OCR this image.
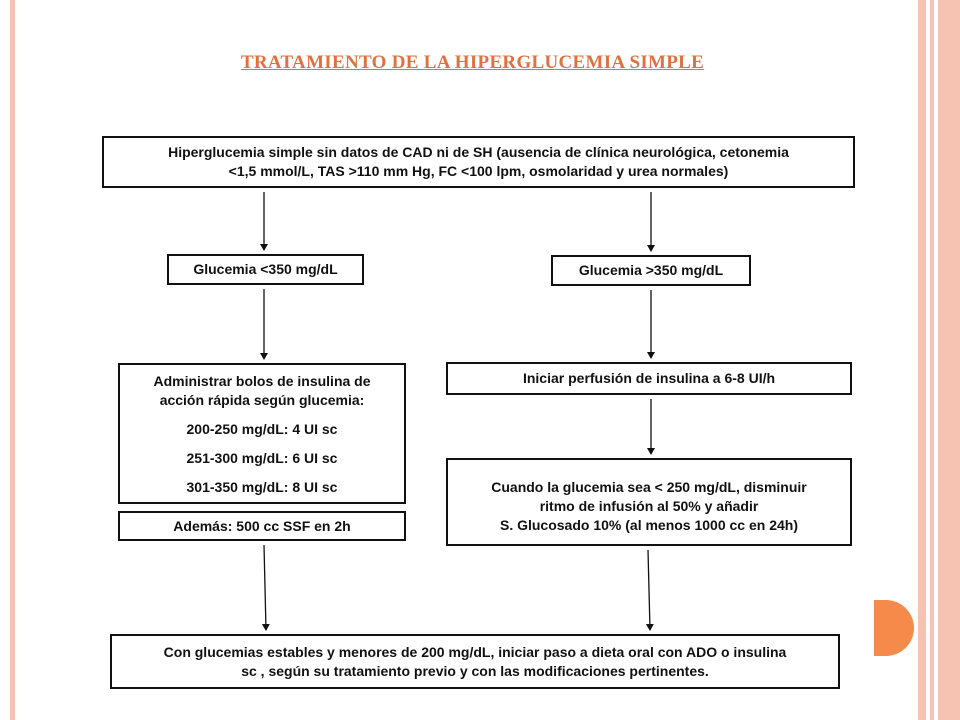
TRATAMIENTO DE LA HIPERGLUCEMIA SIMPLE
Hiperglucemia simple sin datos de CAD ni de SH (ausencia de clínica neurológica, cetonemia
<1,5 mmol/L, TAS >110 mm Hg, FC <100 lpm, osmolaridad y urea normales)
Glucemia <350 mg/dL	Glucemia >350 mg/dL
Administrar bolos de insulina de
acción rápida según glucemia:
200-250 mg/dL: 4 UI sc
251-300 mg/dL: 6 UI sc
301-350 mg/dL: 8 UI sc
Además: 500 cc SSF en 2h
Iniciar perfusión de insulina a 6-8 UI/h
Cuando la glucemia sea < 250 mg/dL, disminuir
ritmo de infusión al 50% y añadir
S. Glucosado 10% (al menos 1000 cc en 24h)
Con glucemias estables y menores de 200 mg/dL, iniciar paso a dieta oral con ADO o insulina
sc , según su tratamiento previo y con las modificaciones pertinentes.
